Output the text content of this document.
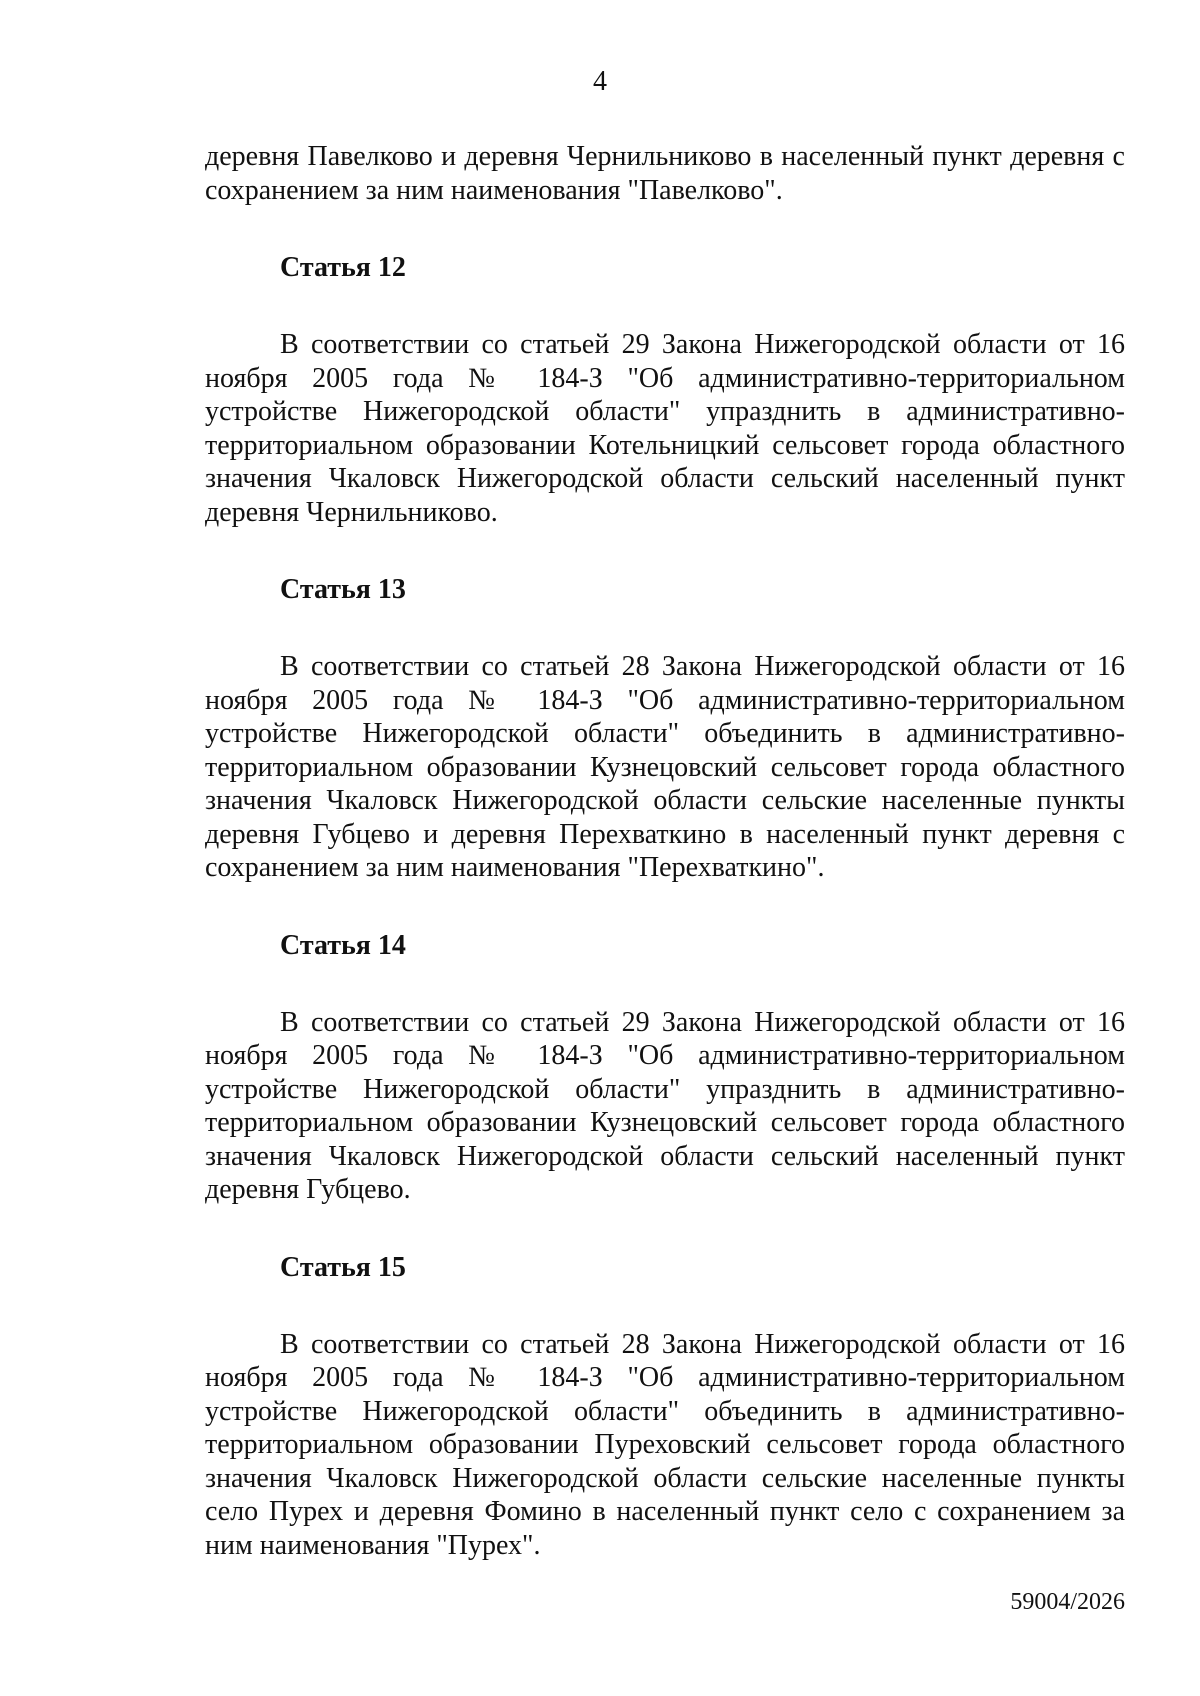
4

деревня Павелково и деревня Чернильниково в населенный пункт деревня с сохранением за ним наименования "Павелково".

Статья 12

В соответствии со статьей 29 Закона Нижегородской области от 16 ноября 2005 года № 184-З "Об административно-территориальном устройстве Нижегородской области" упразднить в административно-территориальном образовании Котельницкий сельсовет города областного значения Чкаловск Нижегородской области сельский населенный пункт деревня Чернильниково.

Статья 13

В соответствии со статьей 28 Закона Нижегородской области от 16 ноября 2005 года № 184-З "Об административно-территориальном устройстве Нижегородской области" объединить в административно-территориальном образовании Кузнецовский сельсовет города областного значения Чкаловск Нижегородской области сельские населенные пункты деревня Губцево и деревня Перехваткино в населенный пункт деревня с сохранением за ним наименования "Перехваткино".

Статья 14

В соответствии со статьей 29 Закона Нижегородской области от 16 ноября 2005 года № 184-З "Об административно-территориальном устройстве Нижегородской области" упразднить в административно-территориальном образовании Кузнецовский сельсовет города областного значения Чкаловск Нижегородской области сельский населенный пункт деревня Губцево.

Статья 15

В соответствии со статьей 28 Закона Нижегородской области от 16 ноября 2005 года № 184-З "Об административно-территориальном устройстве Нижегородской области" объединить в административно-территориальном образовании Пуреховский сельсовет города областного значения Чкаловск Нижегородской области сельские населенные пункты село Пурех и деревня Фомино в населенный пункт село с сохранением за ним наименования "Пурех".

59004/2026
